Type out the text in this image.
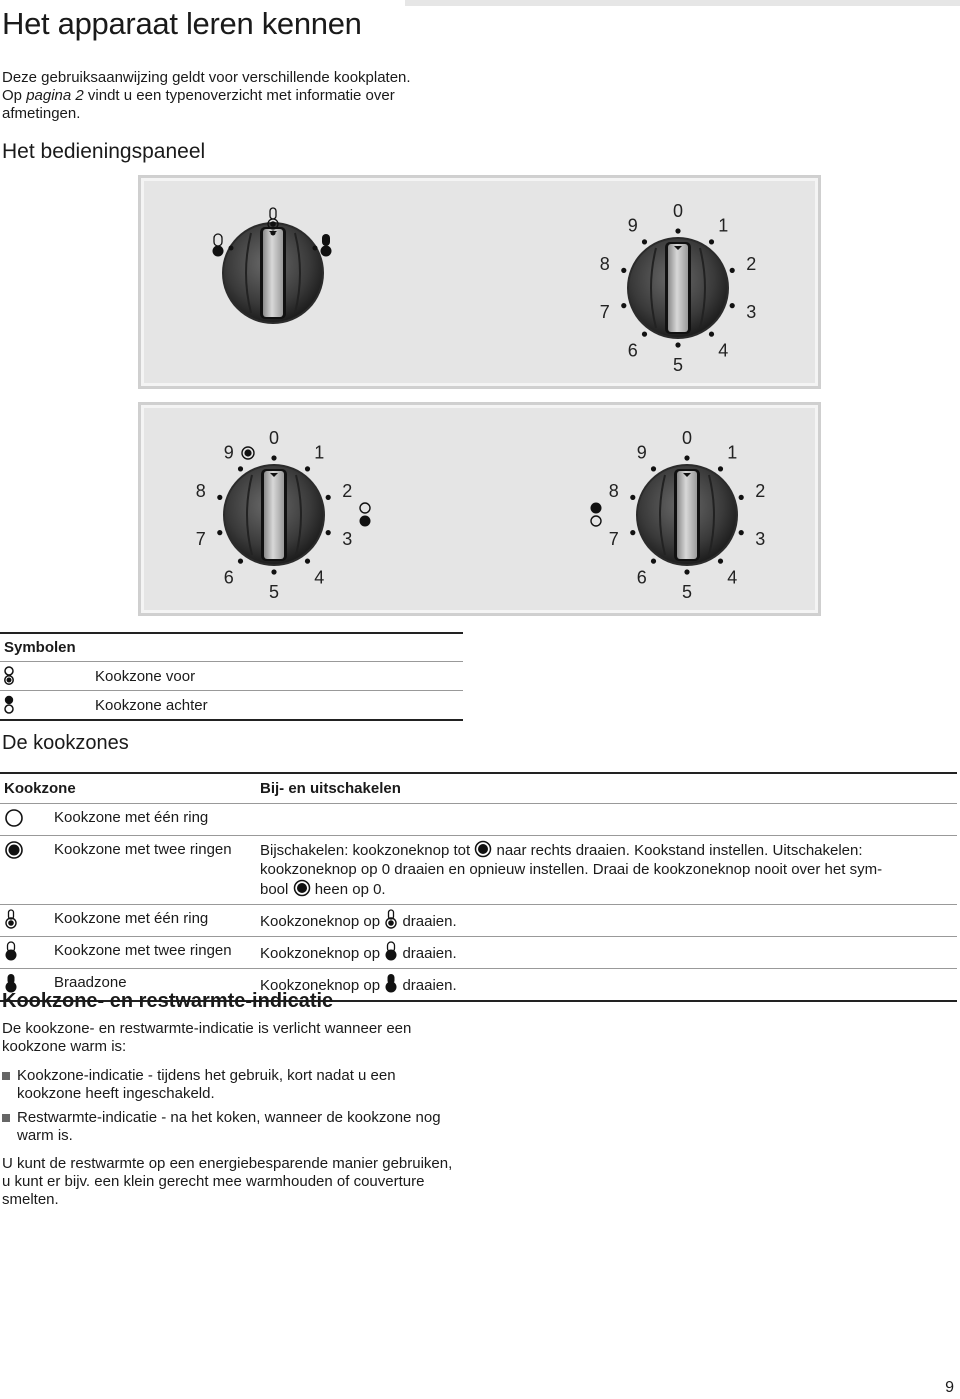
Het apparaat leren kennen

Deze gebruiksaanwijzing geldt voor verschillende kookplaten.
Op pagina 2 vindt u een typenoverzicht met informatie over
afmetingen.

Het bedieningspaneel
0
1
2
3
4
5
6
7
8
9
0
1
2
3
4
5
6
7
8
9
0
1
2
3
4
5
6
7
8
9
Symbolen	
	Kookzone voor
	Kookzone achter
De kookzones
Kookzone		Bij- en uitschakelen
	Kookzone met één ring	
	Kookzone met twee ringen	Bijschakelen: kookzoneknop tot naar rechts draaien. Kookstand instellen. Uitschakelen:
kookzoneknop op 0 draaien en opnieuw instellen. Draai de kookzoneknop nooit over het sym-
bool heen op 0.
	Kookzone met één ring	Kookzoneknop op draaien.
	Kookzone met twee ringen	Kookzoneknop op draaien.
	Braadzone	Kookzoneknop op draaien.
Kookzone- en restwarmte-indicatie

De kookzone- en restwarmte-indicatie is verlicht wanneer een kookzone warm is:

Kookzone-indicatie - tijdens het gebruik, kort nadat u een kookzone heeft ingeschakeld.
Restwarmte-indicatie - na het koken, wanneer de kookzone nog warm is.

U kunt de restwarmte op een energiebesparende manier gebruiken, u kunt er bijv. een klein gerecht mee warmhouden of couverture smelten.

9
